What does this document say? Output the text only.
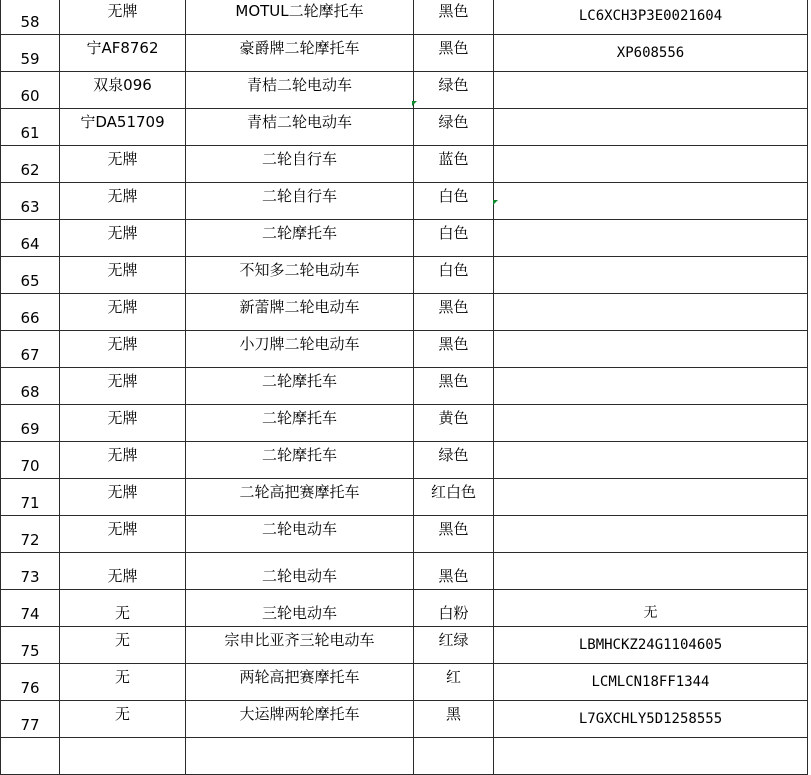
58	无牌	MOTUL二轮摩托车	黑色	LC6XCH3P3E0021604
59	宁AF8762	豪爵牌二轮摩托车	黑色	XP608556
60	双泉096	青桔二轮电动车	绿色	
61	宁DA51709	青桔二轮电动车	绿色	
62	无牌	二轮自行车	蓝色	
63	无牌	二轮自行车	白色	
64	无牌	二轮摩托车	白色	
65	无牌	不知多二轮电动车	白色	
66	无牌	新蕾牌二轮电动车	黑色	
67	无牌	小刀牌二轮电动车	黑色	
68	无牌	二轮摩托车	黑色	
69	无牌	二轮摩托车	黄色	
70	无牌	二轮摩托车	绿色	
71	无牌	二轮高把赛摩托车	红白色	
72	无牌	二轮电动车	黑色	
73	无牌	二轮电动车	黑色	
74	无	三轮电动车	白粉	无
75	无	宗申比亚齐三轮电动车	红绿	LBMHCKZ24G1104605
76	无	两轮高把赛摩托车	红	LCMLCN18FF1344
77	无	大运牌两轮摩托车	黑	L7GXCHLY5D1258555
